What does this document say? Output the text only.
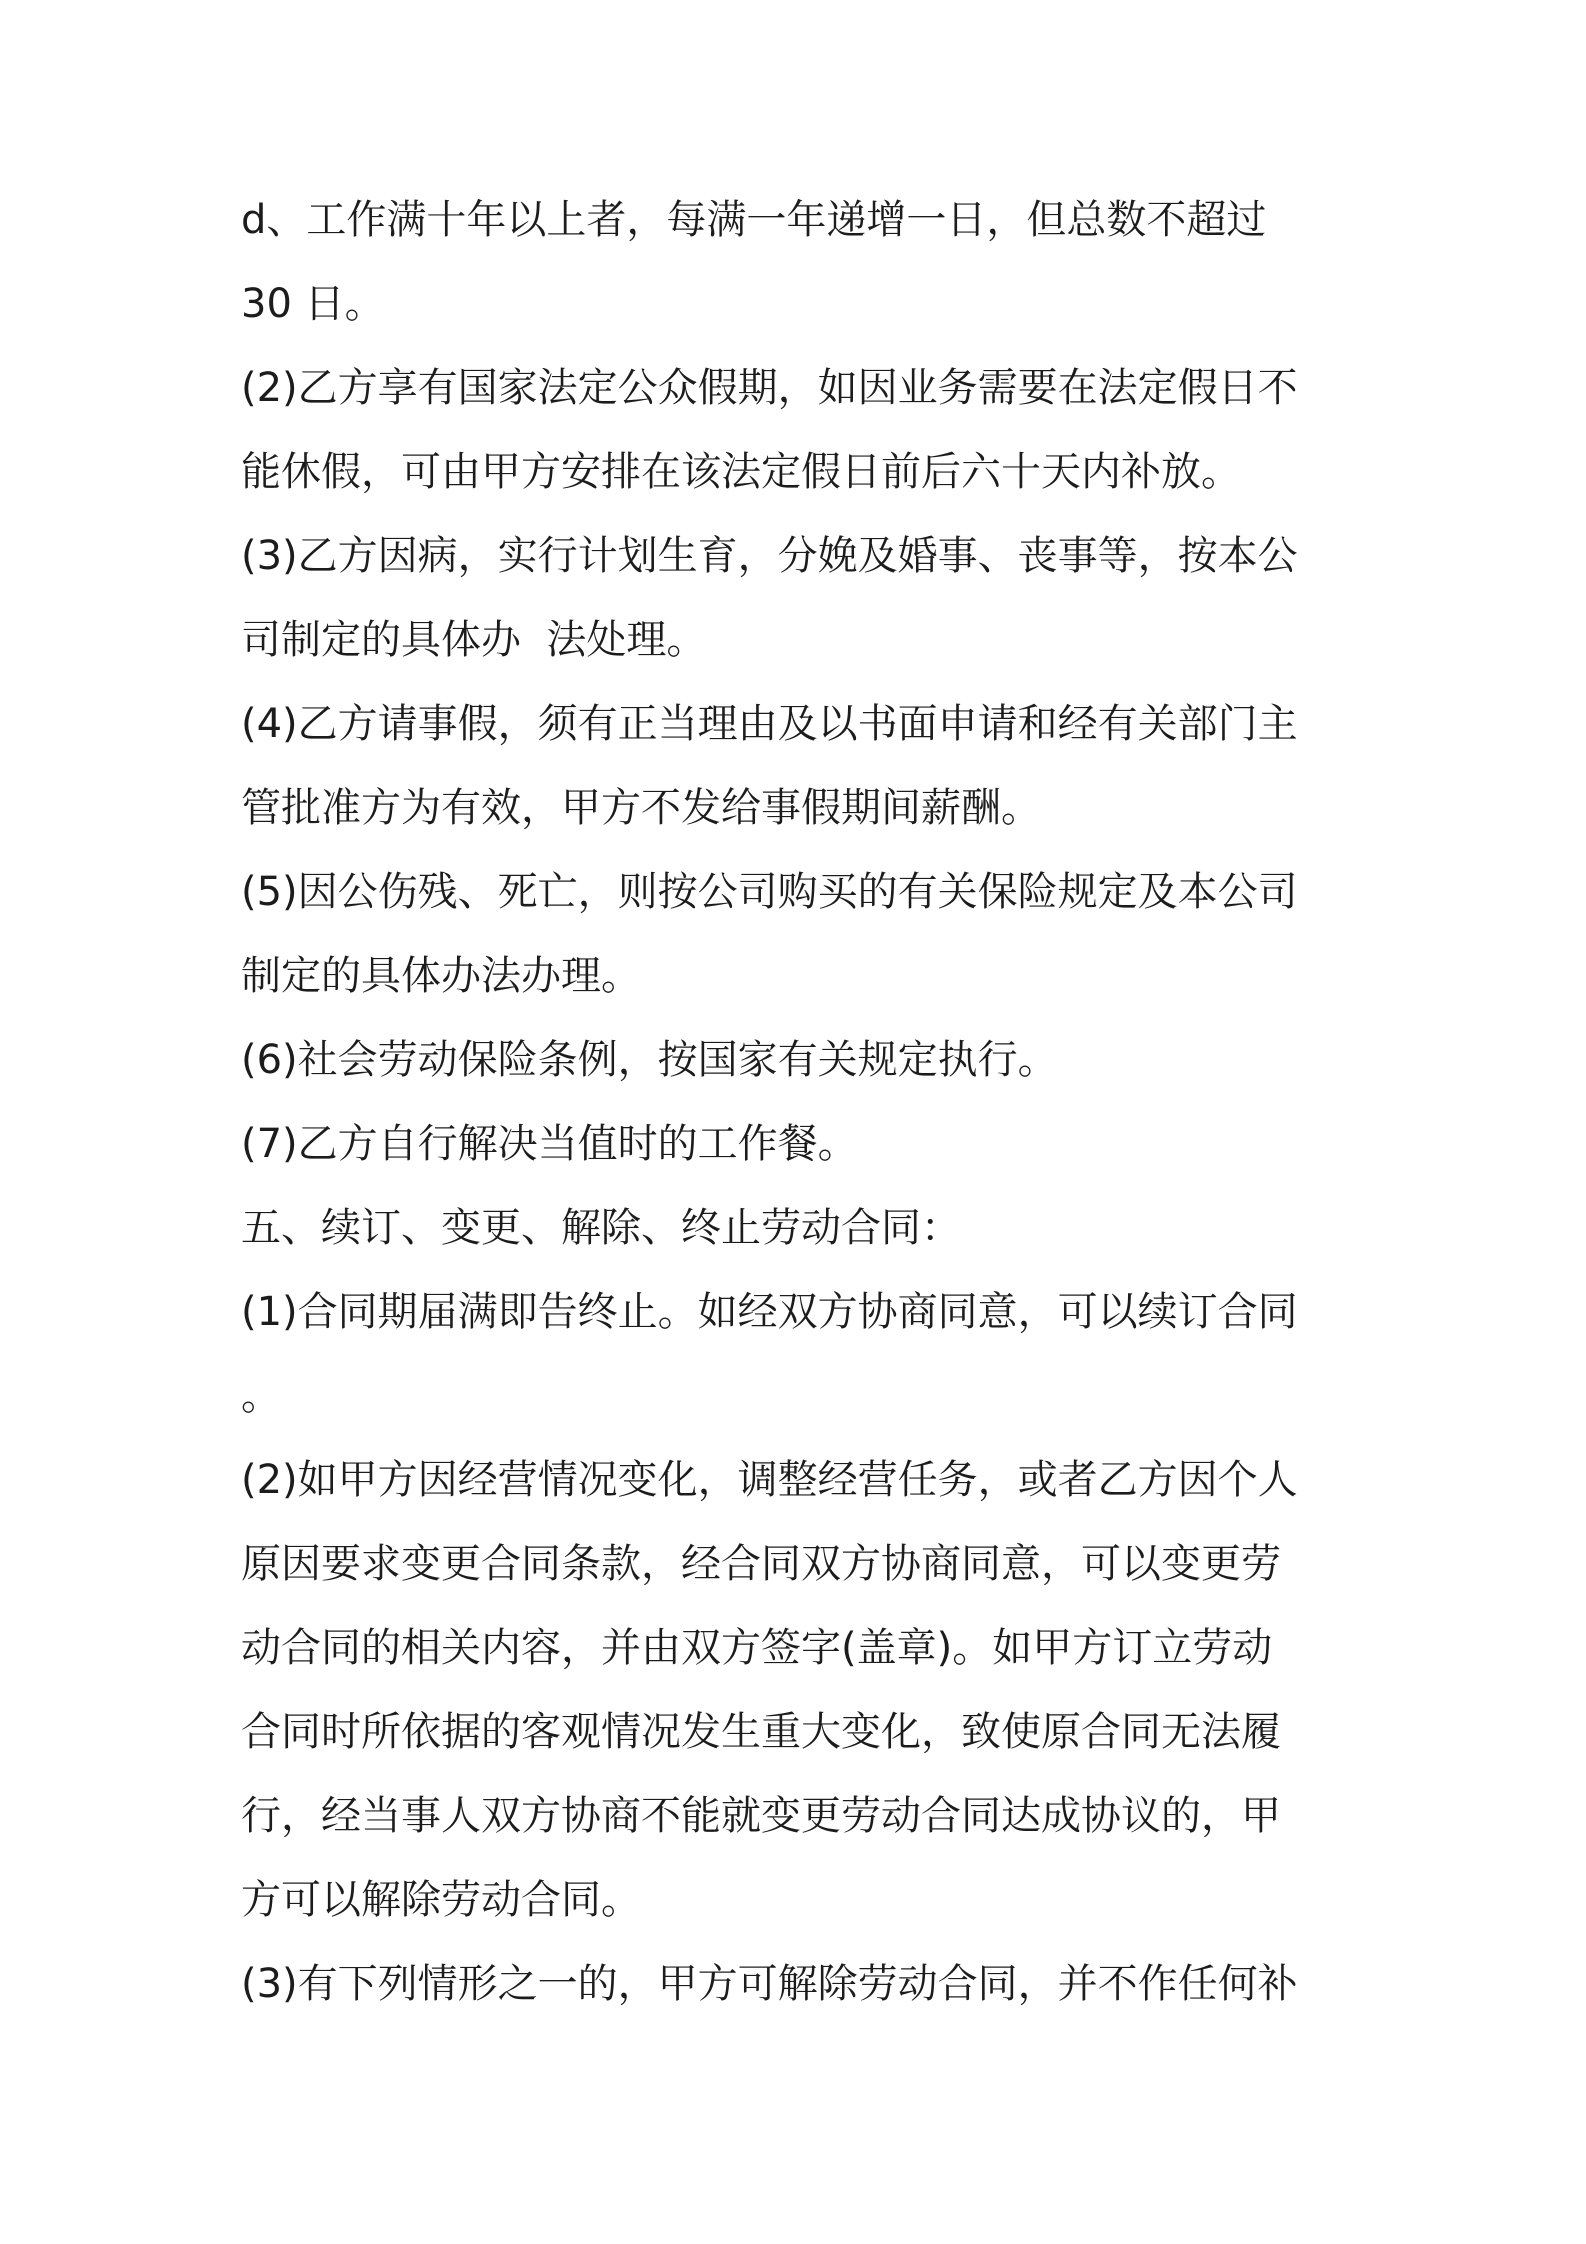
d、工作满十年以上者，每满一年递增一日，但总数不超过

30 日。

(2)乙方享有国家法定公众假期，如因业务需要在法定假日不

能休假，可由甲方安排在该法定假日前后六十天内补放。

(3)乙方因病，实行计划生育，分娩及婚事、丧事等，按本公

司制定的具体办  法处理。

(4)乙方请事假，须有正当理由及以书面申请和经有关部门主

管批准方为有效，甲方不发给事假期间薪酬。

(5)因公伤残、死亡，则按公司购买的有关保险规定及本公司

制定的具体办法办理。

(6)社会劳动保险条例，按国家有关规定执行。

(7)乙方自行解决当值时的工作餐。

五、续订、变更、解除、终止劳动合同：

(1)合同期届满即告终止。如经双方协商同意，可以续订合同

。

(2)如甲方因经营情况变化，调整经营任务，或者乙方因个人

原因要求变更合同条款，经合同双方协商同意，可以变更劳

动合同的相关内容，并由双方签字(盖章)。如甲方订立劳动

合同时所依据的客观情况发生重大变化，致使原合同无法履

行，经当事人双方协商不能就变更劳动合同达成协议的，甲

方可以解除劳动合同。

(3)有下列情形之一的，甲方可解除劳动合同，并不作任何补
